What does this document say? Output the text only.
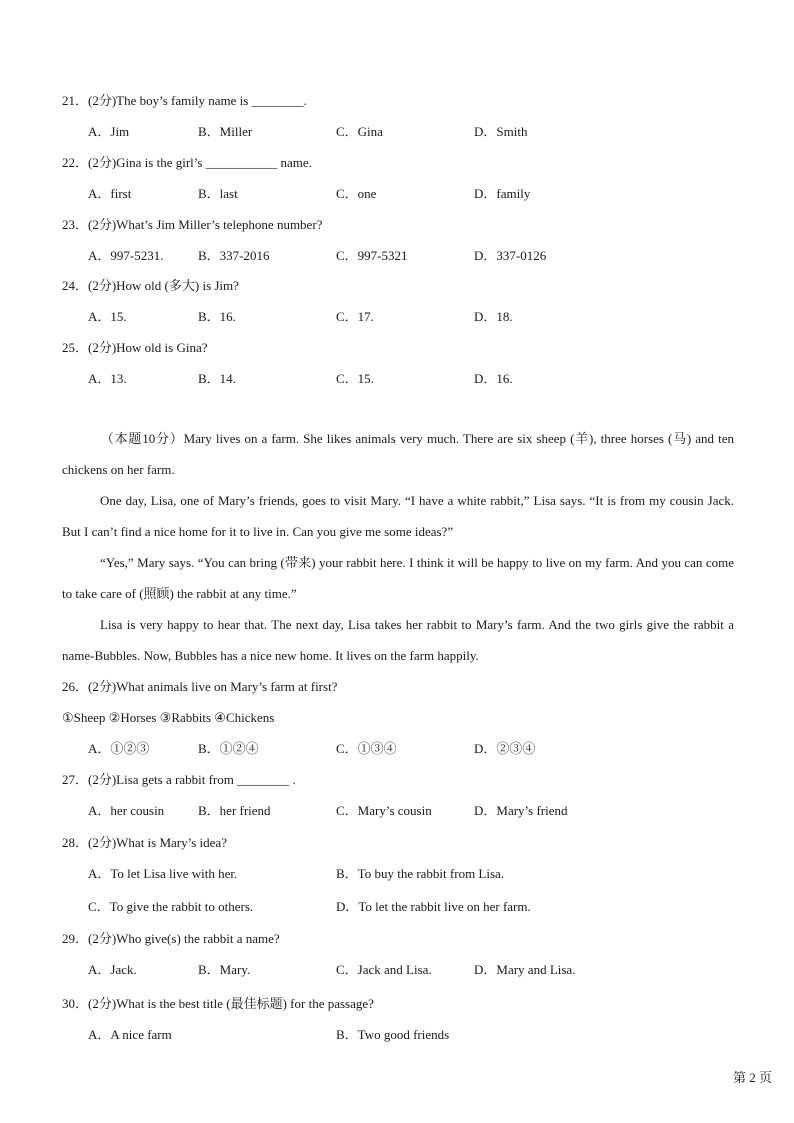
21．(2分)The boy’s family name is ________.
A．Jim	B．Miller	C．Gina	D．Smith
22．(2分)Gina is the girl’s ___________ name.
A．first	B．last	C．one	D．family
23．(2分)What’s Jim Miller’s telephone number?
A．997-5231.	B．337-2016	C．997-5321	D．337-0126
24．(2分)How old (多大) is Jim?
A．15.	B．16.	C．17.	D．18.
25．(2分)How old is Gina?
A．13.	B．14.	C．15.	D．16.
（本题10分）Mary lives on a farm. She likes animals very much. There are six sheep (羊), three horses (马) and ten chickens on her farm.
One day, Lisa, one of Mary’s friends, goes to visit Mary. “I have a white rabbit,” Lisa says. “It is from my cousin Jack. But I can’t find a nice home for it to live in. Can you give me some ideas?”
“Yes,” Mary says. “You can bring (带来) your rabbit here. I think it will be happy to live on my farm. And you can come to take care of (照顾) the rabbit at any time.”
Lisa is very happy to hear that. The next day, Lisa takes her rabbit to Mary’s farm. And the two girls give the rabbit a name-Bubbles. Now, Bubbles has a nice new home. It lives on the farm happily.
26．(2分)What animals live on Mary’s farm at first?
①Sheep ②Horses ③Rabbits ④Chickens
A．①②③	B．①②④	C．①③④	D．②③④
27．(2分)Lisa gets a rabbit from ________ .
A．her cousin	B．her friend	C．Mary’s cousin	D．Mary’s friend
28．(2分)What is Mary’s idea?
A．To let Lisa live with her.	B．To buy the rabbit from Lisa.
C．To give the rabbit to others.	D．To let the rabbit live on her farm.
29．(2分)Who give(s) the rabbit a name?
A．Jack.	B．Mary.	C．Jack and Lisa.	D．Mary and Lisa.
30．(2分)What is the best title (最佳标题) for the passage?
A．A nice farm	B．Two good friends
第 2 页
